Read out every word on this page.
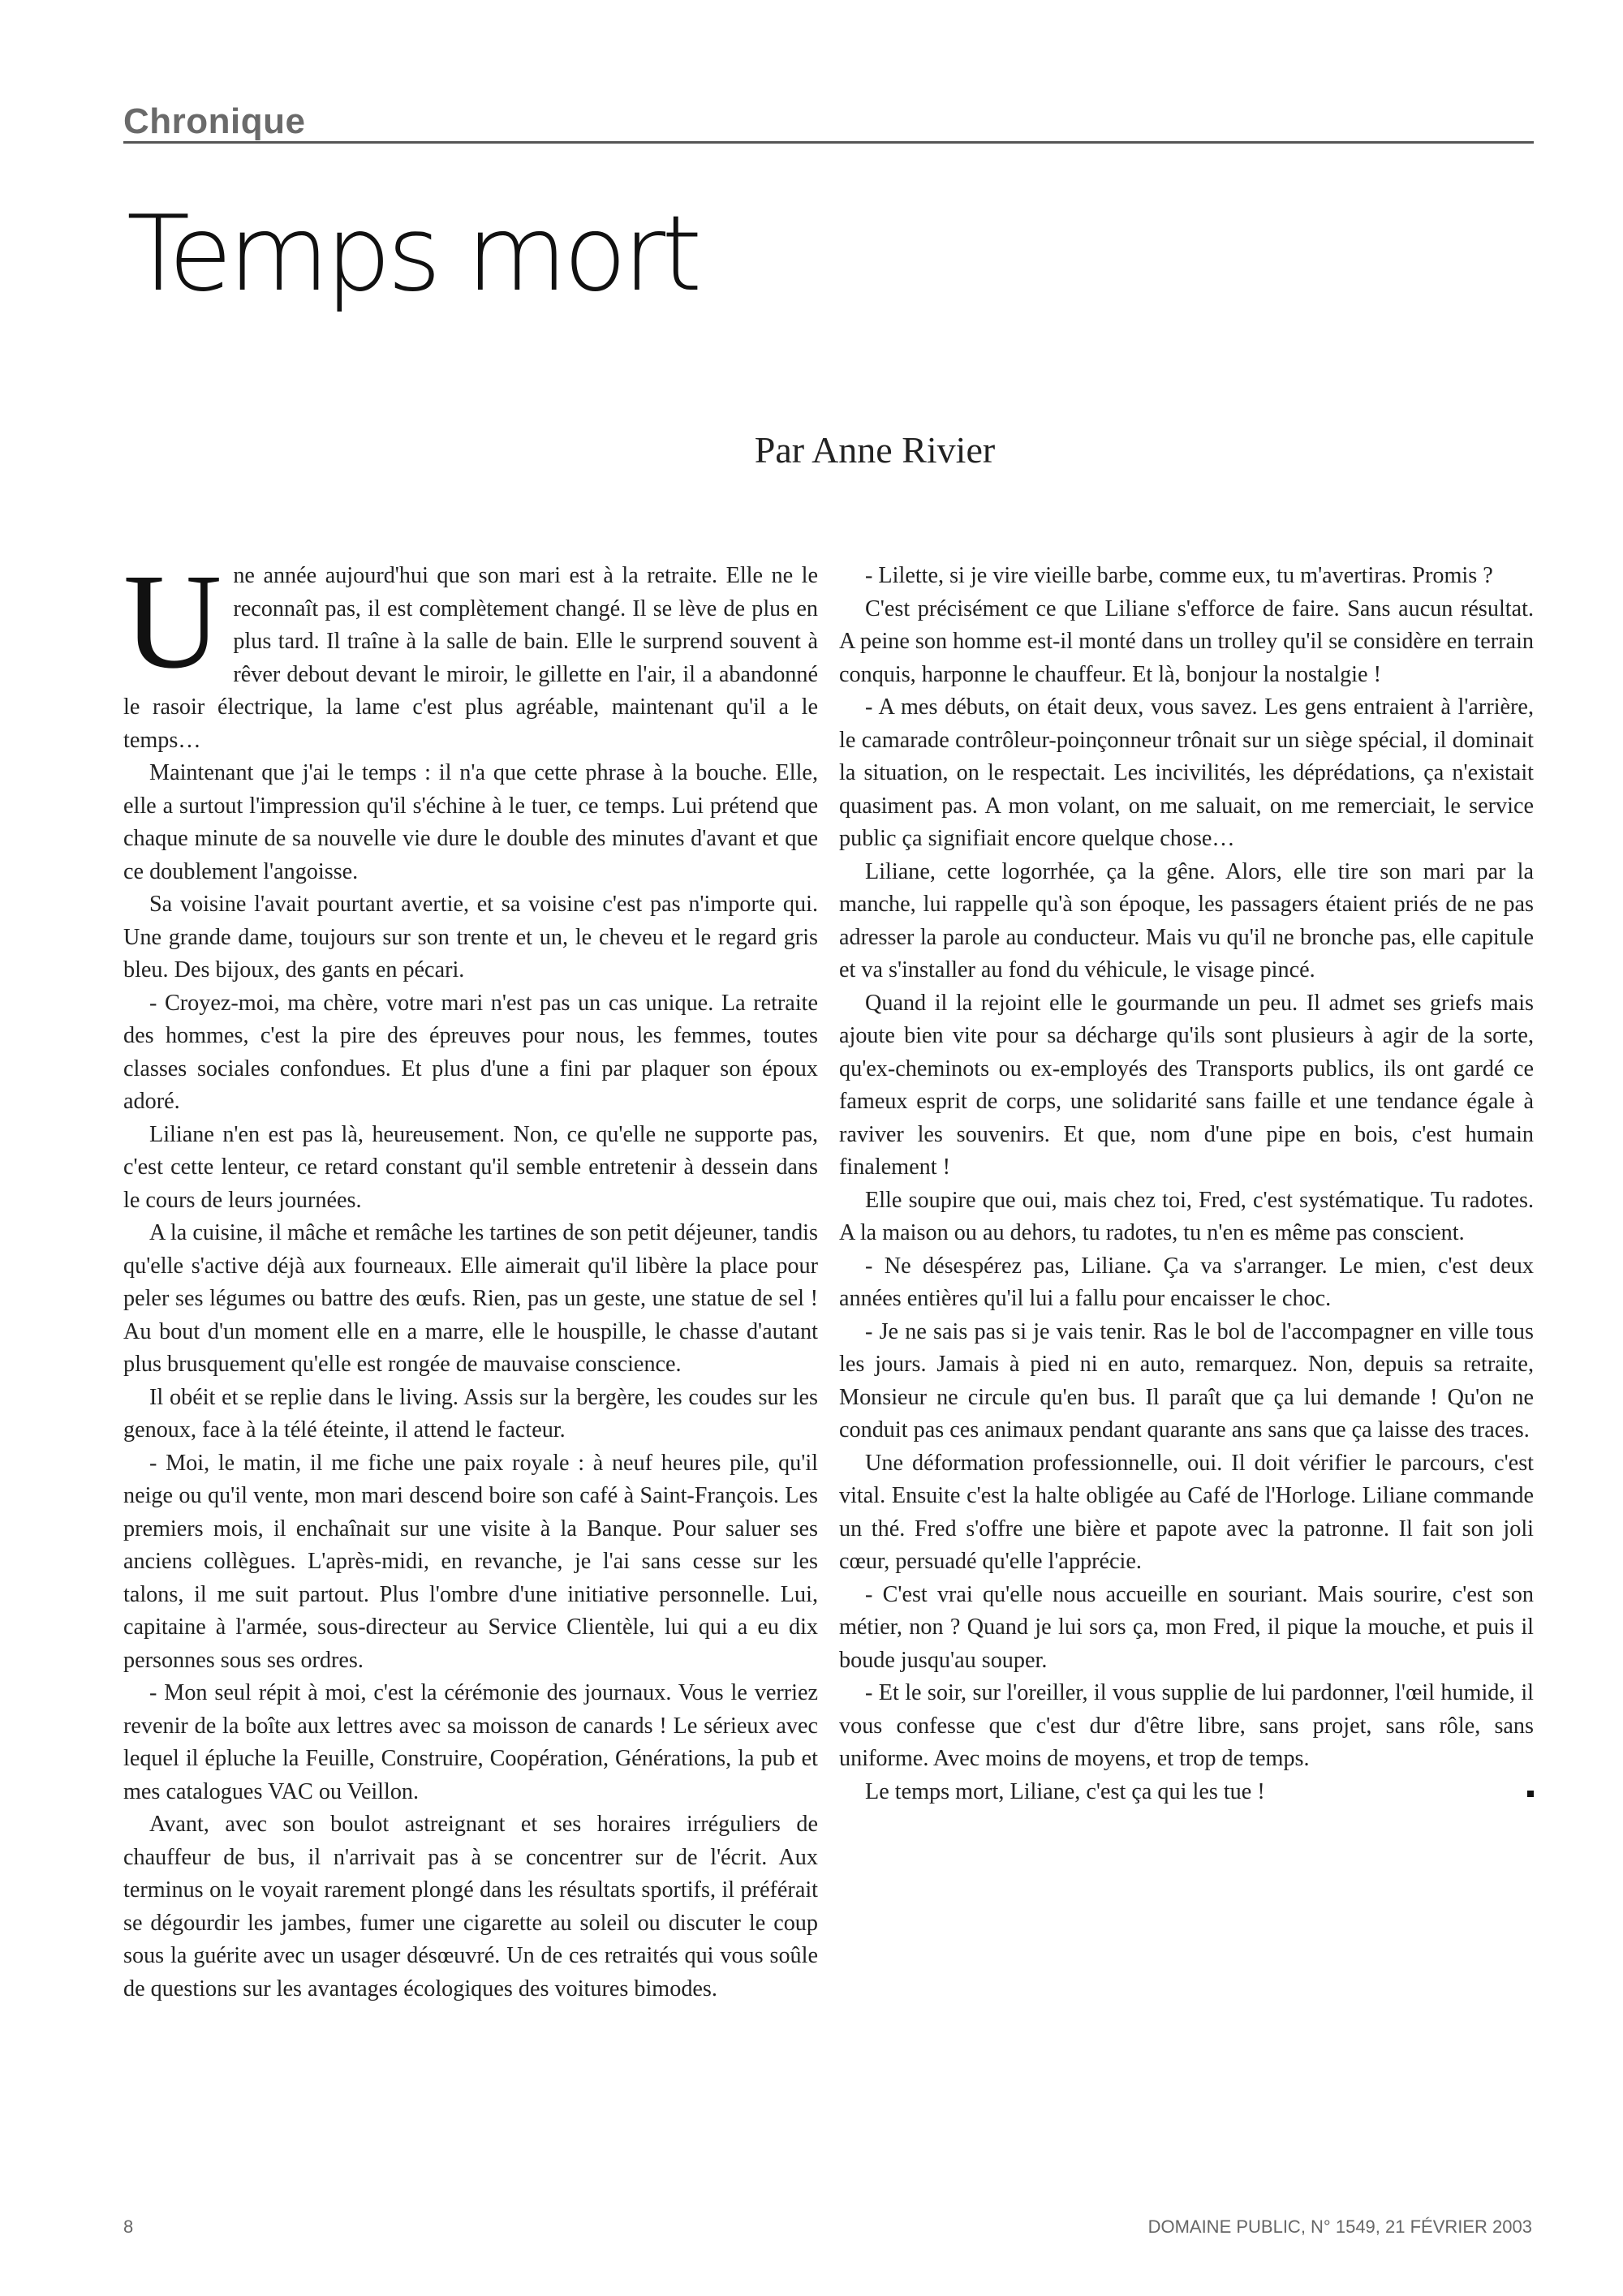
Chronique
Temps mort
Par Anne Rivier

Une année aujourd'hui que son mari est à la retraite. Elle ne le reconnaît pas, il est complètement changé. Il se lève de plus en plus tard. Il traîne à la salle de bain. Elle le surprend souvent à rêver debout devant le miroir, le gillette en l'air, il a abandonné le rasoir électrique, la lame c'est plus agréable, maintenant qu'il a le temps…

Maintenant que j'ai le temps : il n'a que cette phrase à la bouche. Elle, elle a surtout l'impression qu'il s'échine à le tuer, ce temps. Lui prétend que chaque minute de sa nouvelle vie dure le double des minutes d'avant et que ce doublement l'angoisse.

Sa voisine l'avait pourtant avertie, et sa voisine c'est pas n'importe qui. Une grande dame, toujours sur son trente et un, le cheveu et le regard gris bleu. Des bijoux, des gants en pécari.

- Croyez-moi, ma chère, votre mari n'est pas un cas unique. La retraite des hommes, c'est la pire des épreuves pour nous, les femmes, toutes classes sociales confondues. Et plus d'une a fini par plaquer son époux adoré.

Liliane n'en est pas là, heureusement. Non, ce qu'elle ne supporte pas, c'est cette lenteur, ce retard constant qu'il semble entretenir à dessein dans le cours de leurs journées.

A la cuisine, il mâche et remâche les tartines de son petit déjeuner, tandis qu'elle s'active déjà aux fourneaux. Elle aimerait qu'il libère la place pour peler ses légumes ou battre des œufs. Rien, pas un geste, une statue de sel ! Au bout d'un moment elle en a marre, elle le houspille, le chasse d'autant plus brusquement qu'elle est rongée de mauvaise conscience.

Il obéit et se replie dans le living. Assis sur la bergère, les coudes sur les genoux, face à la télé éteinte, il attend le facteur.

- Moi, le matin, il me fiche une paix royale : à neuf heures pile, qu'il neige ou qu'il vente, mon mari descend boire son café à Saint-François. Les premiers mois, il enchaînait sur une visite à la Banque. Pour saluer ses anciens collègues. L'après-midi, en revanche, je l'ai sans cesse sur les talons, il me suit partout. Plus l'ombre d'une initiative personnelle. Lui, capitaine à l'armée, sous-directeur au Service Clientèle, lui qui a eu dix personnes sous ses ordres.

- Mon seul répit à moi, c'est la cérémonie des journaux. Vous le verriez revenir de la boîte aux lettres avec sa moisson de canards ! Le sérieux avec lequel il épluche la Feuille, Construire, Coopération, Générations, la pub et mes catalogues VAC ou Veillon.

Avant, avec son boulot astreignant et ses horaires irréguliers de chauffeur de bus, il n'arrivait pas à se concentrer sur de l'écrit. Aux terminus on le voyait rarement plongé dans les résultats sportifs, il préférait se dégourdir les jambes, fumer une cigarette au soleil ou discuter le coup sous la guérite avec un usager désœuvré. Un de ces retraités qui vous soûle de questions sur les avantages écologiques des voitures bimodes.

- Lilette, si je vire vieille barbe, comme eux, tu m'avertiras. Promis ?

C'est précisément ce que Liliane s'efforce de faire. Sans aucun résultat. A peine son homme est-il monté dans un trolley qu'il se considère en terrain conquis, harponne le chauffeur. Et là, bonjour la nostalgie !

- A mes débuts, on était deux, vous savez. Les gens entraient à l'arrière, le camarade contrôleur-poinçonneur trônait sur un siège spécial, il dominait la situation, on le respectait. Les incivilités, les déprédations, ça n'existait quasiment pas. A mon volant, on me saluait, on me remerciait, le service public ça signifiait encore quelque chose…

Liliane, cette logorrhée, ça la gêne. Alors, elle tire son mari par la manche, lui rappelle qu'à son époque, les passagers étaient priés de ne pas adresser la parole au conducteur. Mais vu qu'il ne bronche pas, elle capitule et va s'installer au fond du véhicule, le visage pincé.

Quand il la rejoint elle le gourmande un peu. Il admet ses griefs mais ajoute bien vite pour sa décharge qu'ils sont plusieurs à agir de la sorte, qu'ex-cheminots ou ex-employés des Transports publics, ils ont gardé ce fameux esprit de corps, une solidarité sans faille et une tendance égale à raviver les souvenirs. Et que, nom d'une pipe en bois, c'est humain finalement !

Elle soupire que oui, mais chez toi, Fred, c'est systématique. Tu radotes. A la maison ou au dehors, tu radotes, tu n'en es même pas conscient.

- Ne désespérez pas, Liliane. Ça va s'arranger. Le mien, c'est deux années entières qu'il lui a fallu pour encaisser le choc.

- Je ne sais pas si je vais tenir. Ras le bol de l'accompagner en ville tous les jours. Jamais à pied ni en auto, remarquez. Non, depuis sa retraite, Monsieur ne circule qu'en bus. Il paraît que ça lui demande ! Qu'on ne conduit pas ces animaux pendant quarante ans sans que ça laisse des traces.

Une déformation professionnelle, oui. Il doit vérifier le parcours, c'est vital. Ensuite c'est la halte obligée au Café de l'Horloge. Liliane commande un thé. Fred s'offre une bière et papote avec la patronne. Il fait son joli cœur, persuadé qu'elle l'apprécie.

- C'est vrai qu'elle nous accueille en souriant. Mais sourire, c'est son métier, non ? Quand je lui sors ça, mon Fred, il pique la mouche, et puis il boude jusqu'au souper.

- Et le soir, sur l'oreiller, il vous supplie de lui pardonner, l'œil humide, il vous confesse que c'est dur d'être libre, sans projet, sans rôle, sans uniforme. Avec moins de moyens, et trop de temps.

Le temps mort, Liliane, c'est ça qui les tue !

8	DOMAINE PUBLIC, N° 1549, 21 FÉVRIER 2003
